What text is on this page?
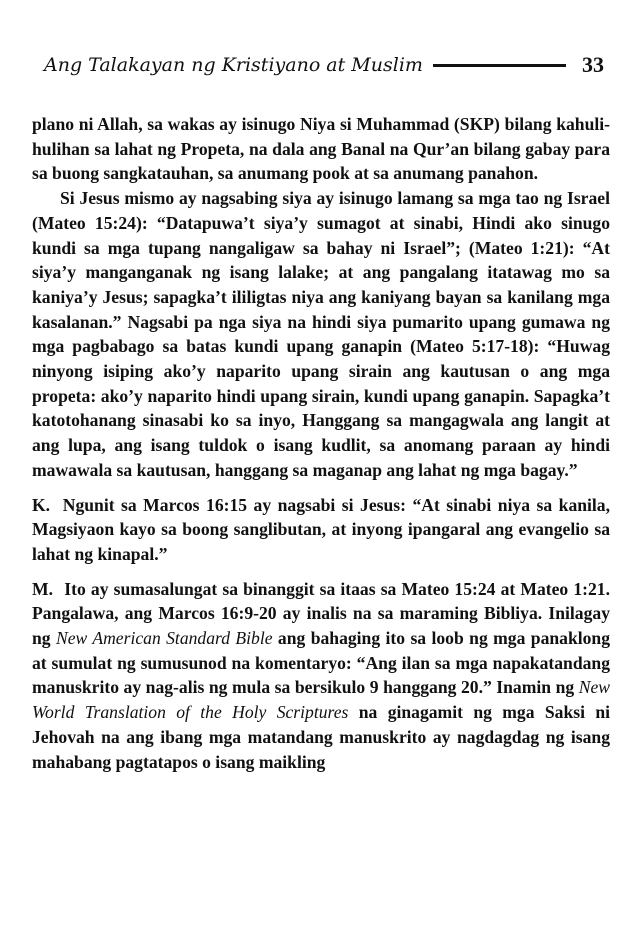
Ang Talakayan ng Kristiyano at Muslim	33

plano ni Allah, sa wakas ay isinugo Niya si Muhammad (SKP) bilang kahuli-hulihan sa lahat ng Propeta, na dala ang Banal na Qur’an bilang gabay para sa buong sangkatauhan, sa anumang pook at sa anumang panahon.

Si Jesus mismo ay nagsabing siya ay isinugo lamang sa mga tao ng Israel (Mateo 15:24): “Datapuwa’t siya’y sumagot at sinabi, Hindi ako sinugo kundi sa mga tupang nangaligaw sa bahay ni Israel”; (Mateo 1:21): “At siya’y manganganak ng isang lalake; at ang pangalang itatawag mo sa kaniya’y Jesus; sapagka’t ililigtas niya ang kaniyang bayan sa kanilang mga kasalanan.” Nagsabi pa nga siya na hindi siya pumarito upang gumawa ng mga pagbabago sa batas kundi upang ganapin (Mateo 5:17-18): “Huwag ninyong isiping ako’y naparito upang sirain ang kautusan o ang mga propeta: ako’y naparito hindi upang sirain, kundi upang ganapin. Sapagka’t katotohanang sinasabi ko sa inyo, Hanggang sa mangagwala ang langit at ang lupa, ang isang tuldok o isang kudlit, sa anomang paraan ay hindi mawawala sa kautusan, hanggang sa maganap ang lahat ng mga bagay.”

K. Ngunit sa Marcos 16:15 ay nagsabi si Jesus: “At sinabi niya sa kanila, Magsiyaon kayo sa boong sanglibutan, at inyong ipangaral ang evangelio sa lahat ng kinapal.”

M. Ito ay sumasalungat sa binanggit sa itaas sa Mateo 15:24 at Mateo 1:21. Pangalawa, ang Marcos 16:9-20 ay inalis na sa maraming Bibliya. Inilagay ng New American Standard Bible ang bahaging ito sa loob ng mga panaklong at sumulat ng sumusunod na komentaryo: “Ang ilan sa mga napakatandang manuskrito ay nag-alis ng mula sa bersikulo 9 hanggang 20.” Inamin ng New World Translation of the Holy Scriptures na ginagamit ng mga Saksi ni Jehovah na ang ibang mga matandang manuskrito ay nagdagdag ng isang mahabang pagtatapos o isang maikling
